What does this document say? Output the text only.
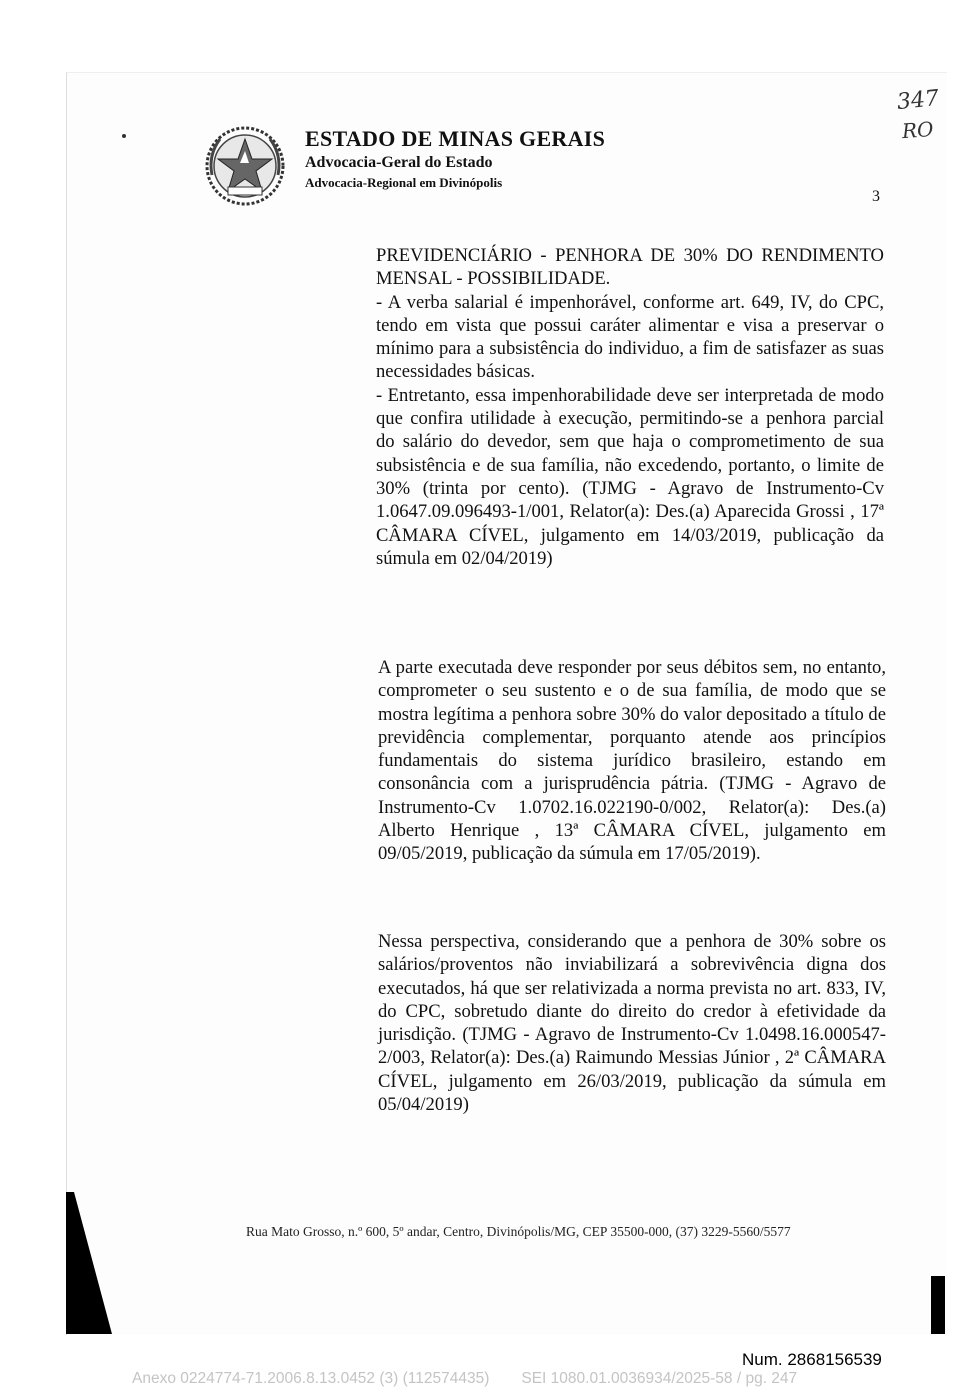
ESTADO DE MINAS GERAIS
Advocacia-Geral do Estado
Advocacia-Regional em Divinópolis
347
RO
3

PREVIDENCIÁRIO - PENHORA DE 30% DO RENDIMENTO MENSAL - POSSIBILIDADE.

- A verba salarial é impenhorável, conforme art. 649, IV, do CPC, tendo em vista que possui caráter alimentar e visa a preservar o mínimo para a subsistência do individuo, a fim de satisfazer as suas necessidades básicas.

- Entretanto, essa impenhorabilidade deve ser interpretada de modo que confira utilidade à execução, permitindo-se a penhora parcial do salário do devedor, sem que haja o comprometimento de sua subsistência e de sua família, não excedendo, portanto, o limite de 30% (trinta por cento). (TJMG - Agravo de Instrumento-Cv 1.0647.09.096493-1/001, Relator(a): Des.(a) Aparecida Grossi , 17ª CÂMARA CÍVEL, julgamento em 14/03/2019, publicação da súmula em 02/04/2019)

A parte executada deve responder por seus débitos sem, no entanto, comprometer o seu sustento e o de sua família, de modo que se mostra legítima a penhora sobre 30% do valor depositado a título de previdência complementar, porquanto atende aos princípios fundamentais do sistema jurídico brasileiro, estando em consonância com a jurisprudência pátria. (TJMG - Agravo de Instrumento-Cv 1.0702.16.022190-0/002, Relator(a): Des.(a) Alberto Henrique , 13ª CÂMARA CÍVEL, julgamento em 09/05/2019, publicação da súmula em 17/05/2019).

Nessa perspectiva, considerando que a penhora de 30% sobre os salários/proventos não inviabilizará a sobrevivência digna dos executados, há que ser relativizada a norma prevista no art. 833, IV, do CPC, sobretudo diante do direito do credor à efetividade da jurisdição. (TJMG - Agravo de Instrumento-Cv 1.0498.16.000547-2/003, Relator(a): Des.(a) Raimundo Messias Júnior , 2ª CÂMARA CÍVEL, julgamento em 26/03/2019, publicação da súmula em 05/04/2019)

Rua Mato Grosso, n.º 600, 5º andar, Centro, Divinópolis/MG, CEP 35500-000, (37) 3229-5560/5577
Num. 2868156539
Anexo 0224774-71.2006.8.13.0452 (3) (112574435) SEI 1080.01.0036934/2025-58 / pg. 247
